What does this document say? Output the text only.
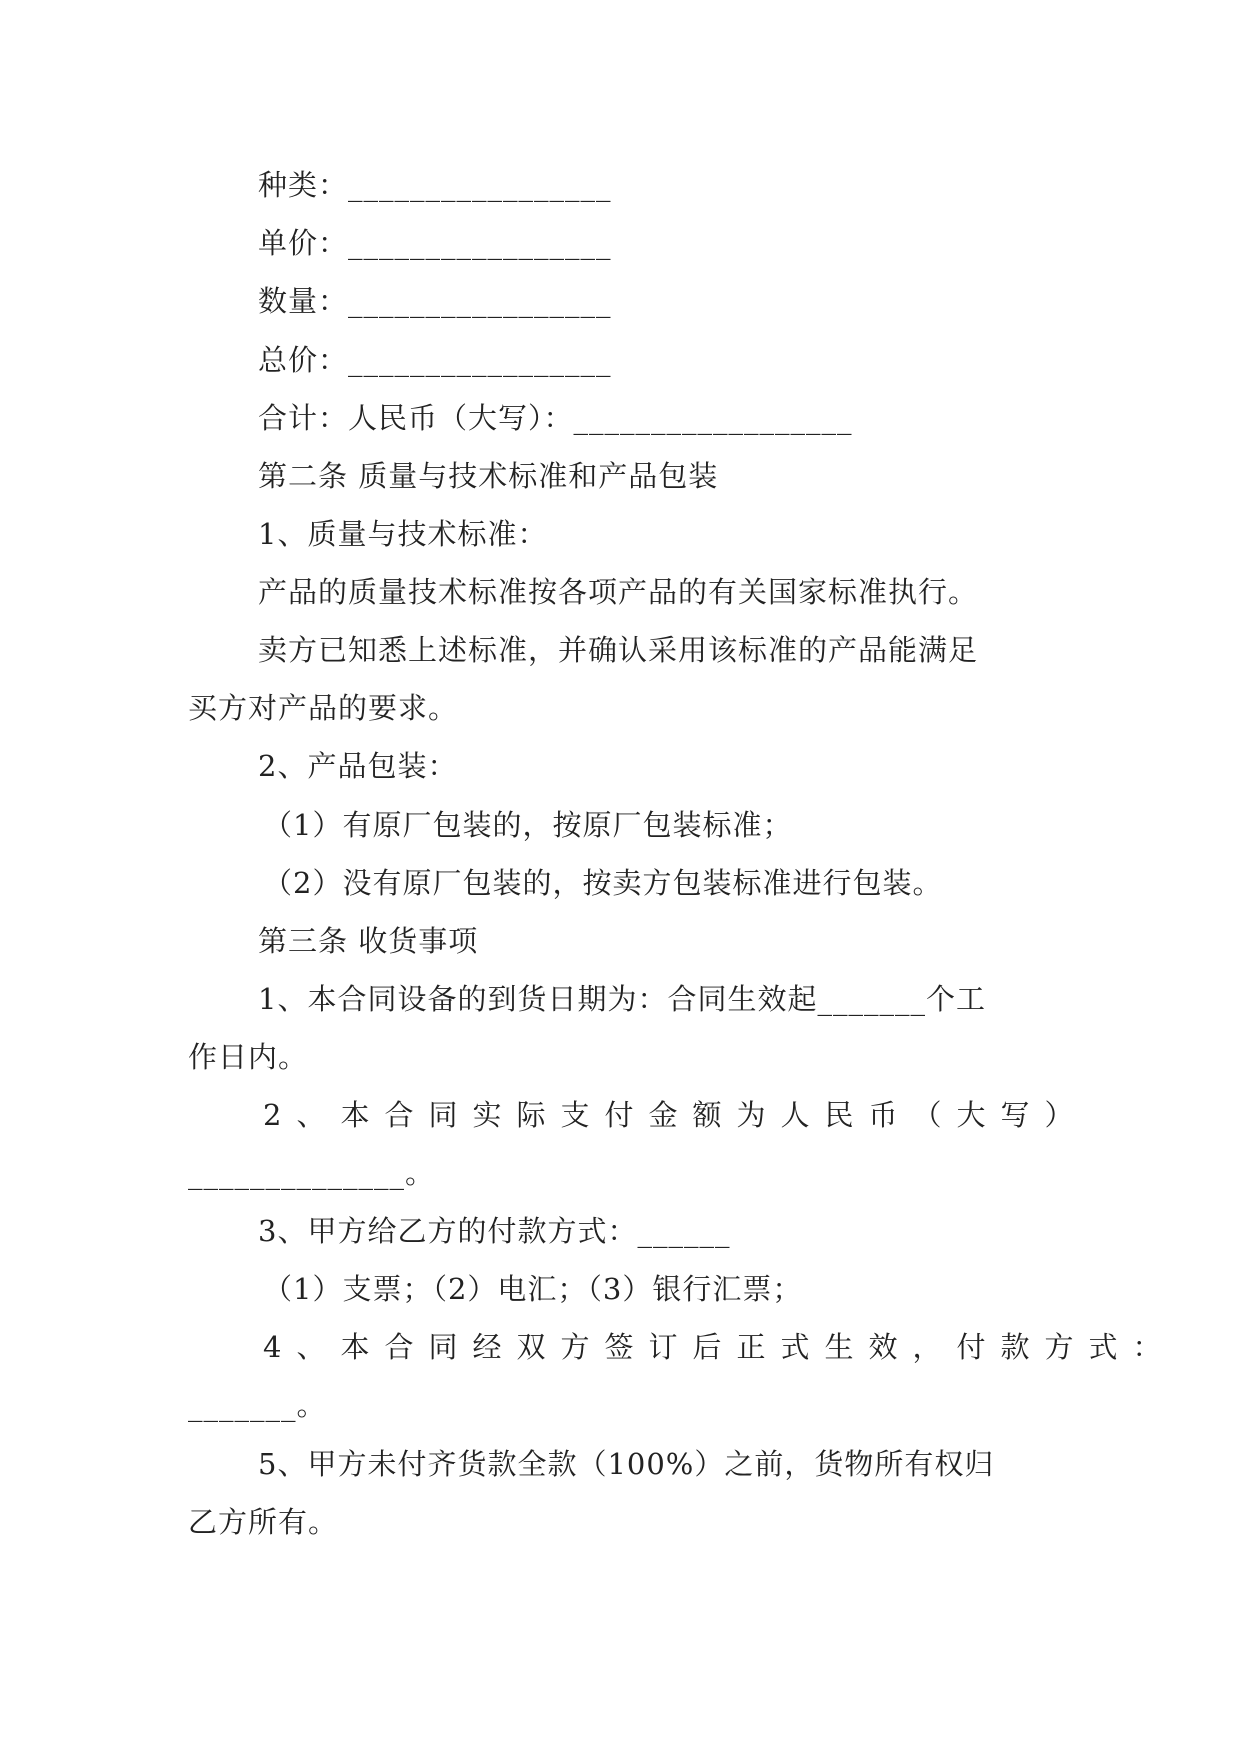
种类：_________________
单价：_________________
数量：_________________
总价：_________________
合计：人民币（大写）：__________________
第二条 质量与技术标准和产品包装
1、质量与技术标准：
产品的质量技术标准按各项产品的有关国家标准执行。
卖方已知悉上述标准，并确认采用该标准的产品能满足
买方对产品的要求。
2、产品包装：
（1）有原厂包装的，按原厂包装标准；
（2）没有原厂包装的，按卖方包装标准进行包装。
第三条 收货事项
1、本合同设备的到货日期为：合同生效起_______个工
作日内。
2、本合同实际支付金额为人民币（大写）
______________。
3、甲方给乙方的付款方式：______
（1）支票；（2）电汇；（3）银行汇票；
4、本合同经双方签订后正式生效，付款方式：
_______。
5、甲方未付齐货款全款（100%）之前，货物所有权归
乙方所有。
